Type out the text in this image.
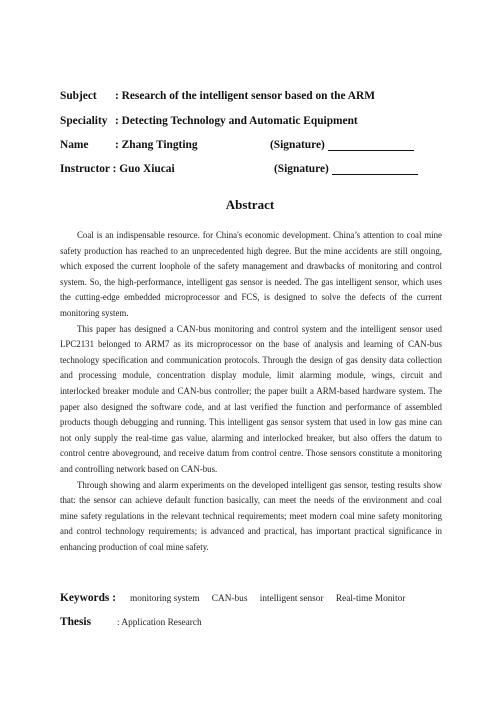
Subject : Research of the intelligent sensor based on the ARM
Speciality : Detecting Technology and Automatic Equipment
Name : Zhang Tingting	(Signature)
Instructor : Guo Xiucai	(Signature)
Abstract

Coal is an indispensable resource. for China's economic development. China’s attention to coal mine safety production has reached to an unprecedented high degree. But the mine accidents are still ongoing, which exposed the current loophole of the safety management and drawbacks of monitoring and control system. So, the high-performance, intelligent gas sensor is needed. The gas intelligent sensor, which uses the cutting-edge embedded microprocessor and FCS, is designed to solve the defects of the current monitoring system.

This paper has designed a CAN-bus monitoring and control system and the intelligent sensor used LPC2131 belonged to ARM7 as its microprocessor on the base of analysis and learning of CAN-bus technology specification and communication protocols. Through the design of gas density data collection and processing module, concentration display module, limit alarming module, wings, circuit and interlocked breaker module and CAN-bus controller; the paper built a ARM-based hardware system. The paper also designed the software code, and at last verified the function and performance of assembled products though debugging and running. This intelligent gas sensor system that used in low gas mine can not only supply the real-time gas value, alarming and interlocked breaker, but also offers the datum to control centre aboveground, and receive datum from control centre. Those sensors constitute a monitoring and controlling network based on CAN-bus.

Through showing and alarm experiments on the developed intelligent gas sensor, testing results show that: the sensor can achieve default function basically, can meet the needs of the environment and coal mine safety regulations in the relevant technical requirements; meet modern coal mine safety monitoring and control technology requirements; is advanced and practical, has important practical significance in enhancing production of coal mine safety.

Keywords : monitoring system CAN-bus intelligent sensor Real-time Monitor
Thesis	: Application Research
